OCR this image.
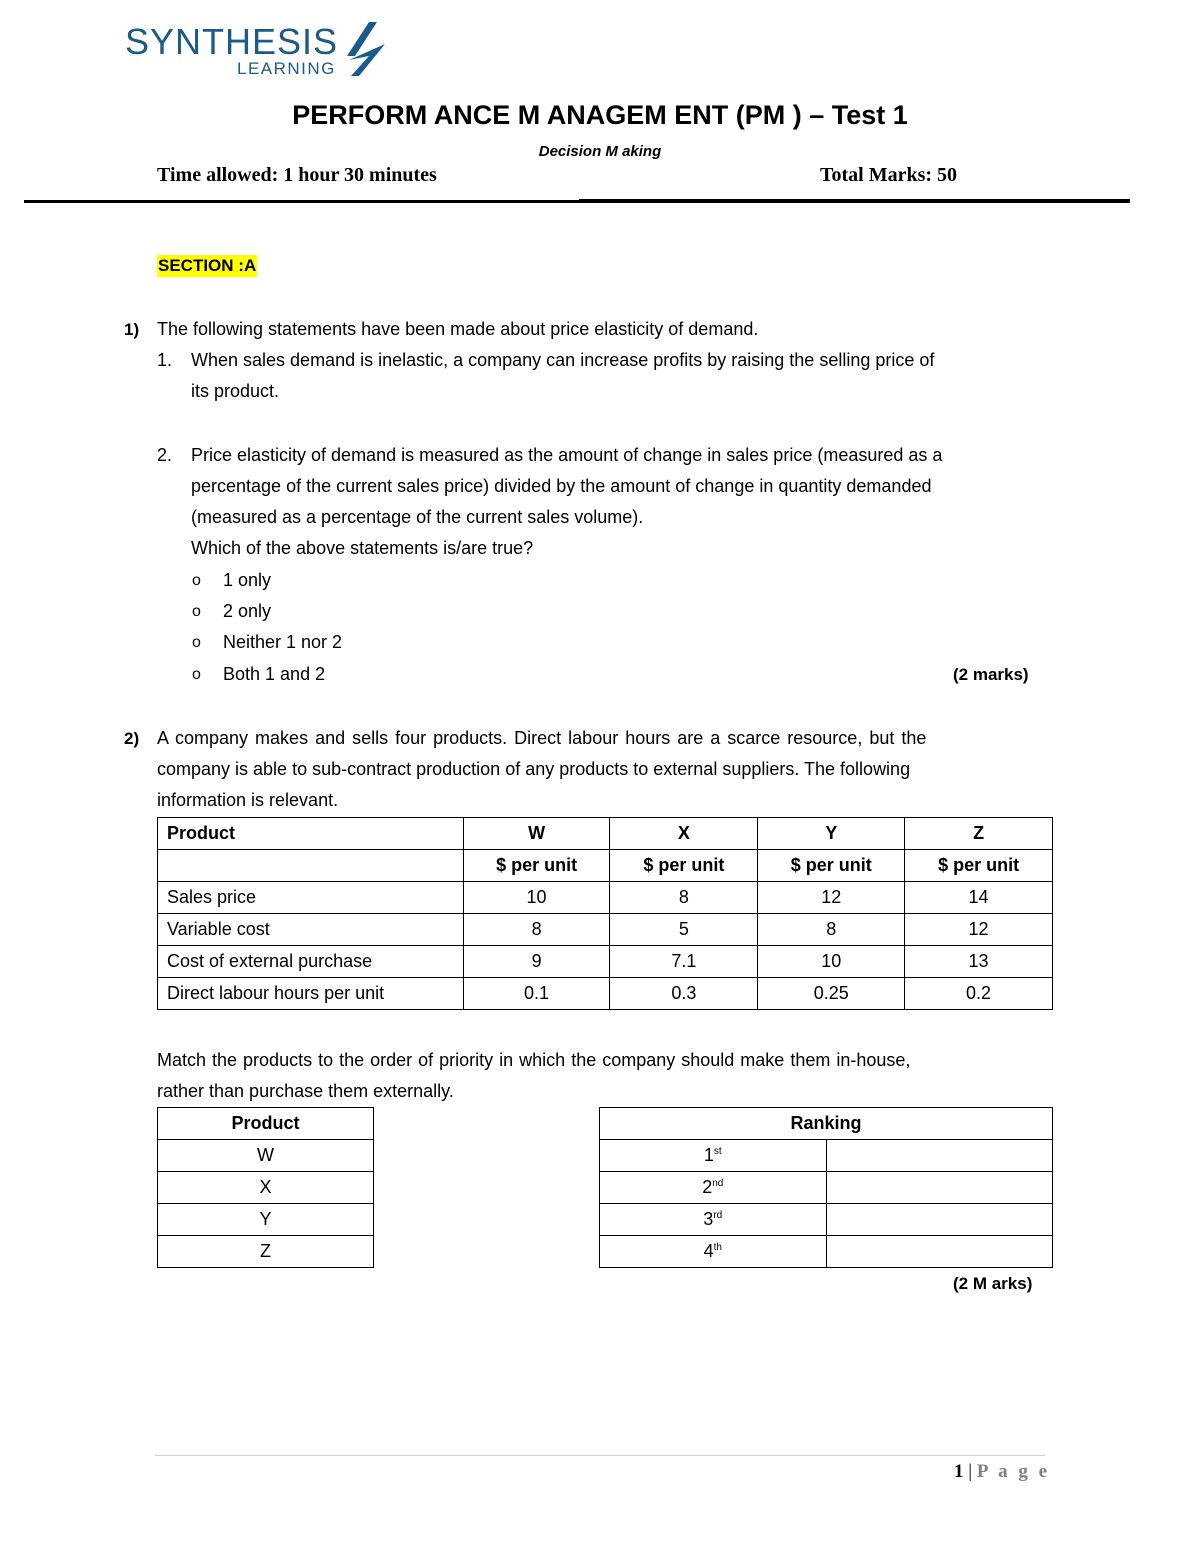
SYNTHESIS
LEARNING
PERFORM ANCE M ANAGEM ENT (PM ) – Test 1
Decision M aking
Time allowed: 1 hour 30 minutes	Total Marks: 50
SECTION :A
1) The following statements have been made about price elasticity of demand.
1. When sales demand is inelastic, a company can increase profits by raising the selling price of
its product.
2. Price elasticity of demand is measured as the amount of change in sales price (measured as a
percentage of the current sales price) divided by the amount of change in quantity demanded
(measured as a percentage of the current sales volume).
Which of the above statements is/are true?
o 1 only
o 2 only
o Neither 1 nor 2
o Both 1 and 2	(2 marks)
2) A company makes and sells four products. Direct labour hours are a scarce resource, but the
company is able to sub-contract production of any products to external suppliers. The following
information is relevant.
Product	W	X	Y	Z
	$ per unit	$ per unit	$ per unit	$ per unit
Sales price	10	8	12	14
Variable cost	8	5	8	12
Cost of external purchase	9	7.1	10	13
Direct labour hours per unit	0.1	0.3	0.25	0.2
Match the products to the order of priority in which the company should make them in-house,
rather than purchase them externally.
Product
W
X
Y
Z
Ranking	
1st	
2nd	
3rd	
4th	
(2 M arks)
1 | P a g e
